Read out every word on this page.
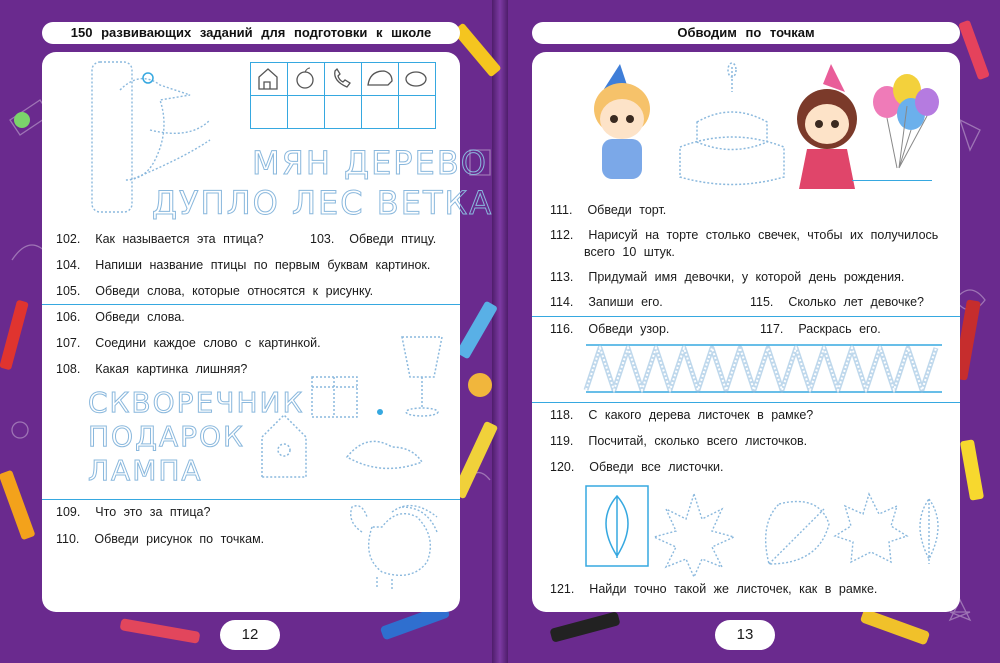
150 развивающих заданий для подготовки к школе	Обводим по точкам
МЯН ДЕРЕВО
ДУПЛО ЛЕС ВЕТКА
102. Как называется эта птица?	103. Обведи птицу.
104. Напиши название птицы по первым буквам картинок.
105. Обведи слова, которые относятся к рисунку.
106. Обведи слова.
107. Соедини каждое слово с картинкой.
108. Какая картинка лишняя?
СКВОРЕЧНИК
ПОДАРОК
ЛАМПА
109. Что это за птица?
110. Обведи рисунок по точкам.
111. Обведи торт.
112. Нарисуй на торте столько свечек, чтобы их получилось
всего 10 штук.
113. Придумай имя девочки, у которой день рождения.
114. Запиши его.	115. Сколько лет девочке?
116. Обведи узор.	117. Раскрась его.
118. С какого дерева листочек в рамке?
119. Посчитай, сколько всего листочков.
120. Обведи все листочки.
121. Найди точно такой же листочек, как в рамке.
12	13
